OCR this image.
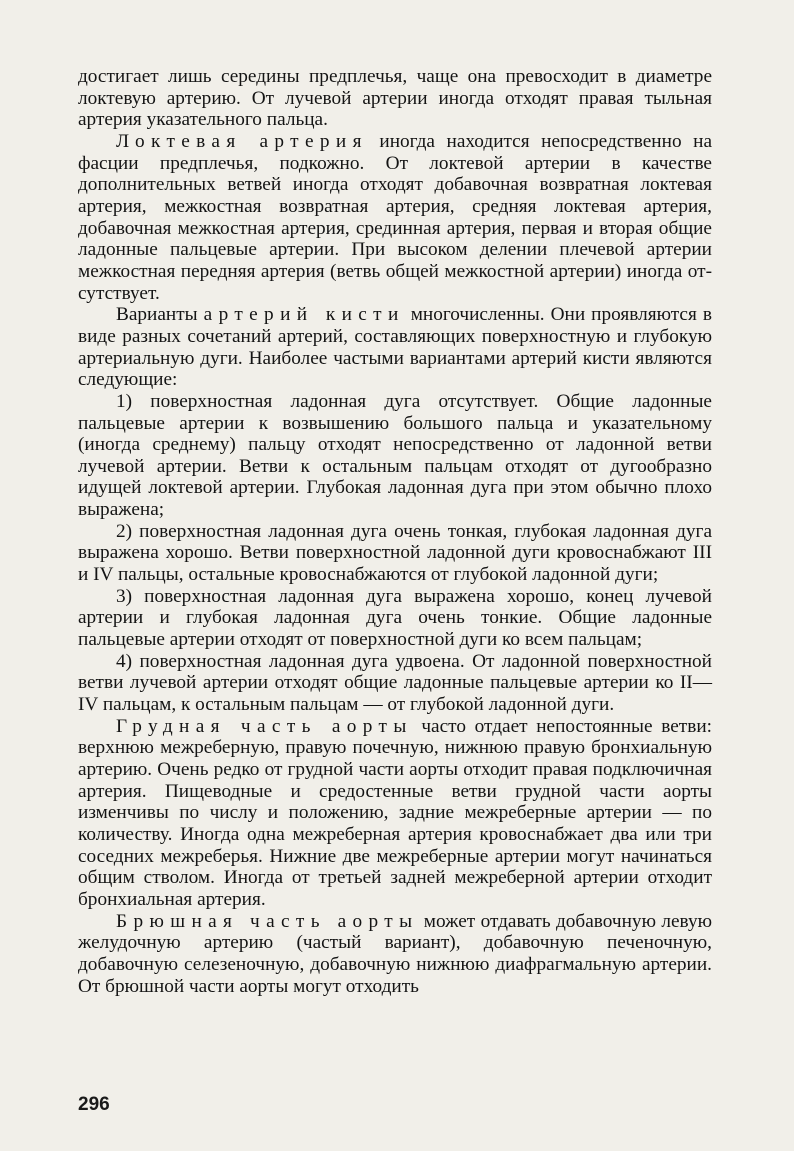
достигает лишь середины предплечья, чаще она превосходит в диаметре локтевую артерию. От лучевой артерии иногда отходят правая тыльная артерия указательного пальца.

Локтевая артерия иногда находится непосредственно на фасции предплечья, подкожно. От локтевой артерии в качестве дополнительных ветвей иногда отходят добавочная возвратная локтевая артерия, межкостная возвратная артерия, средняя локтевая артерия, добавочная межкостная артерия, срединная артерия, первая и вторая общие ладонные пальцевые артерии. При высоком делении плечевой артерии межкостная передняя артерия (ветвь общей межкостной артерии) иногда отсутствует.

Варианты артерий кисти многочисленны. Они проявляются в виде разных сочетаний артерий, составляющих поверхностную и глубокую артериальную дуги. Наиболее частыми вариантами артерий кисти являются следующие:

1) поверхностная ладонная дуга отсутствует. Общие ладонные пальцевые артерии к возвышению большого пальца и указательному (иногда среднему) пальцу отходят непосредственно от ладонной ветви лучевой артерии. Ветви к остальным пальцам отходят от дугообразно идущей локтевой артерии. Глубокая ладонная дуга при этом обычно плохо выражена;

2) поверхностная ладонная дуга очень тонкая, глубокая ладонная дуга выражена хорошо. Ветви поверхностной ладонной дуги кровоснабжают III и IV пальцы, остальные кровоснабжаются от глубокой ладонной дуги;

3) поверхностная ладонная дуга выражена хорошо, конец лучевой артерии и глубокая ладонная дуга очень тонкие. Общие ладонные пальцевые артерии отходят от поверхностной дуги ко всем пальцам;

4) поверхностная ладонная дуга удвоена. От ладонной поверхностной ветви лучевой артерии отходят общие ладонные пальцевые артерии ко II—IV пальцам, к остальным пальцам — от глубокой ладонной дуги.

Грудная часть аорты часто отдает непостоянные ветви: верхнюю межреберную, правую почечную, нижнюю правую бронхиальную артерию. Очень редко от грудной части аорты отходит правая подключичная артерия. Пищеводные и средостенные ветви грудной части аорты изменчивы по числу и положению, задние межреберные артерии — по количеству. Иногда одна межреберная артерия кровоснабжает два или три соседних межреберья. Нижние две межреберные артерии могут начинаться общим стволом. Иногда от третьей задней межреберной артерии отходит бронхиальная артерия.

Брюшная часть аорты может отдавать добавочную левую желудочную артерию (частый вариант), добавочную печеночную, добавочную селезеночную, добавочную нижнюю диафрагмальную артерии. От брюшной части аорты могут отходить

296
